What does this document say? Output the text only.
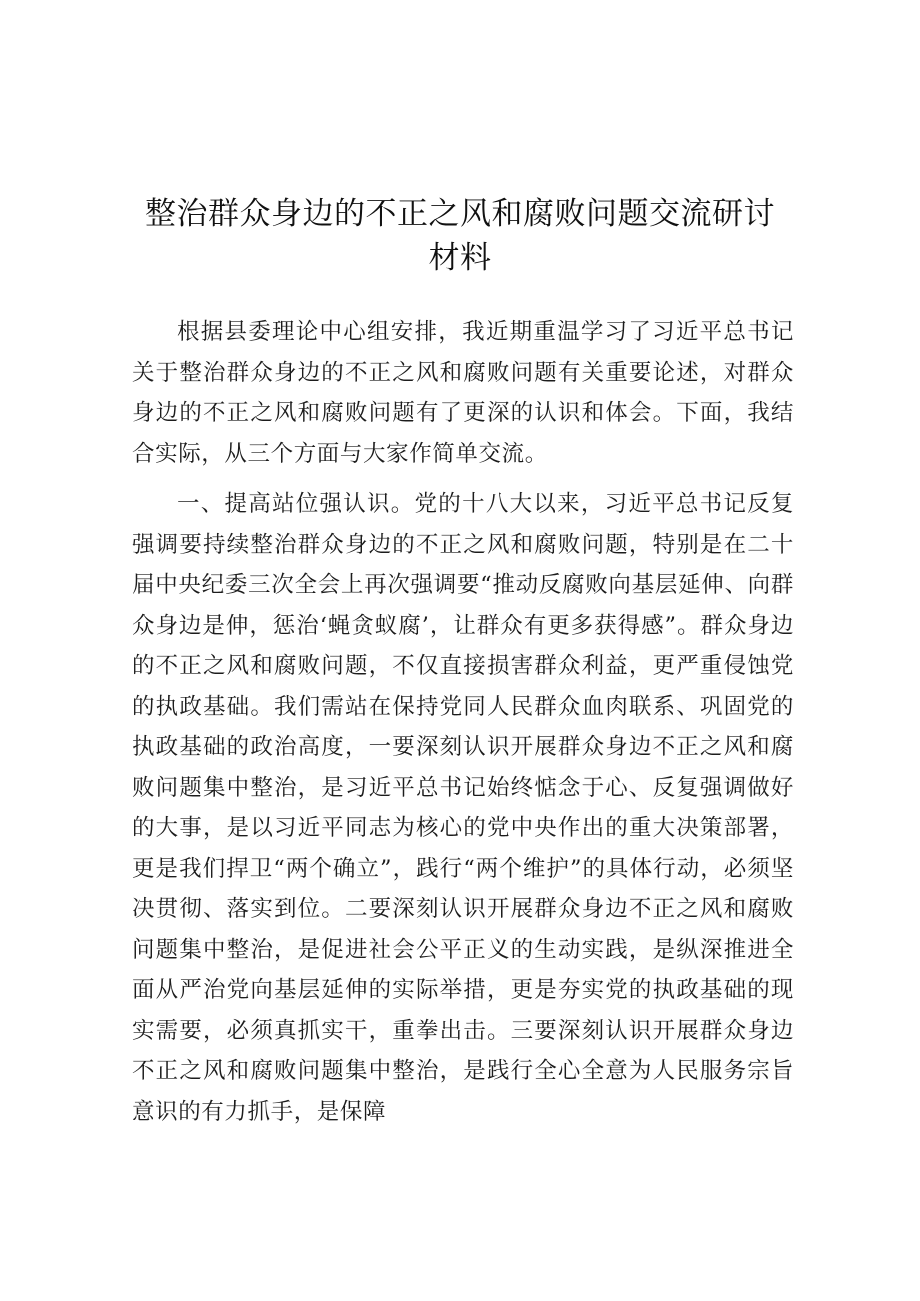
整治群众身边的不正之风和腐败问题交流研讨
材料

根据县委理论中心组安排，我近期重温学习了习近平总书记关于整治群众身边的不正之风和腐败问题有关重要论述，对群众身边的不正之风和腐败问题有了更深的认识和体会。下面，我结合实际，从三个方面与大家作简单交流。

一、提高站位强认识。党的十八大以来，习近平总书记反复强调要持续整治群众身边的不正之风和腐败问题，特别是在二十届中央纪委三次全会上再次强调要“推动反腐败向基层延伸、向群众身边是伸，惩治‘蝇贪蚁腐’，让群众有更多获得感”。群众身边的不正之风和腐败问题，不仅直接损害群众利益，更严重侵蚀党的执政基础。我们需站在保持党同人民群众血肉联系、巩固党的执政基础的政治高度，一要深刻认识开展群众身边不正之风和腐败问题集中整治，是习近平总书记始终惦念于心、反复强调做好的大事，是以习近平同志为核心的党中央作出的重大决策部署，更是我们捍卫“两个确立”，践行“两个维护”的具体行动，必须坚决贯彻、落实到位。二要深刻认识开展群众身边不正之风和腐败问题集中整治，是促进社会公平正义的生动实践，是纵深推进全面从严治党向基层延伸的实际举措，更是夯实党的执政基础的现实需要，必须真抓实干，重拳出击。三要深刻认识开展群众身边不正之风和腐败问题集中整治，是践行全心全意为人民服务宗旨意识的有力抓手，是保障
